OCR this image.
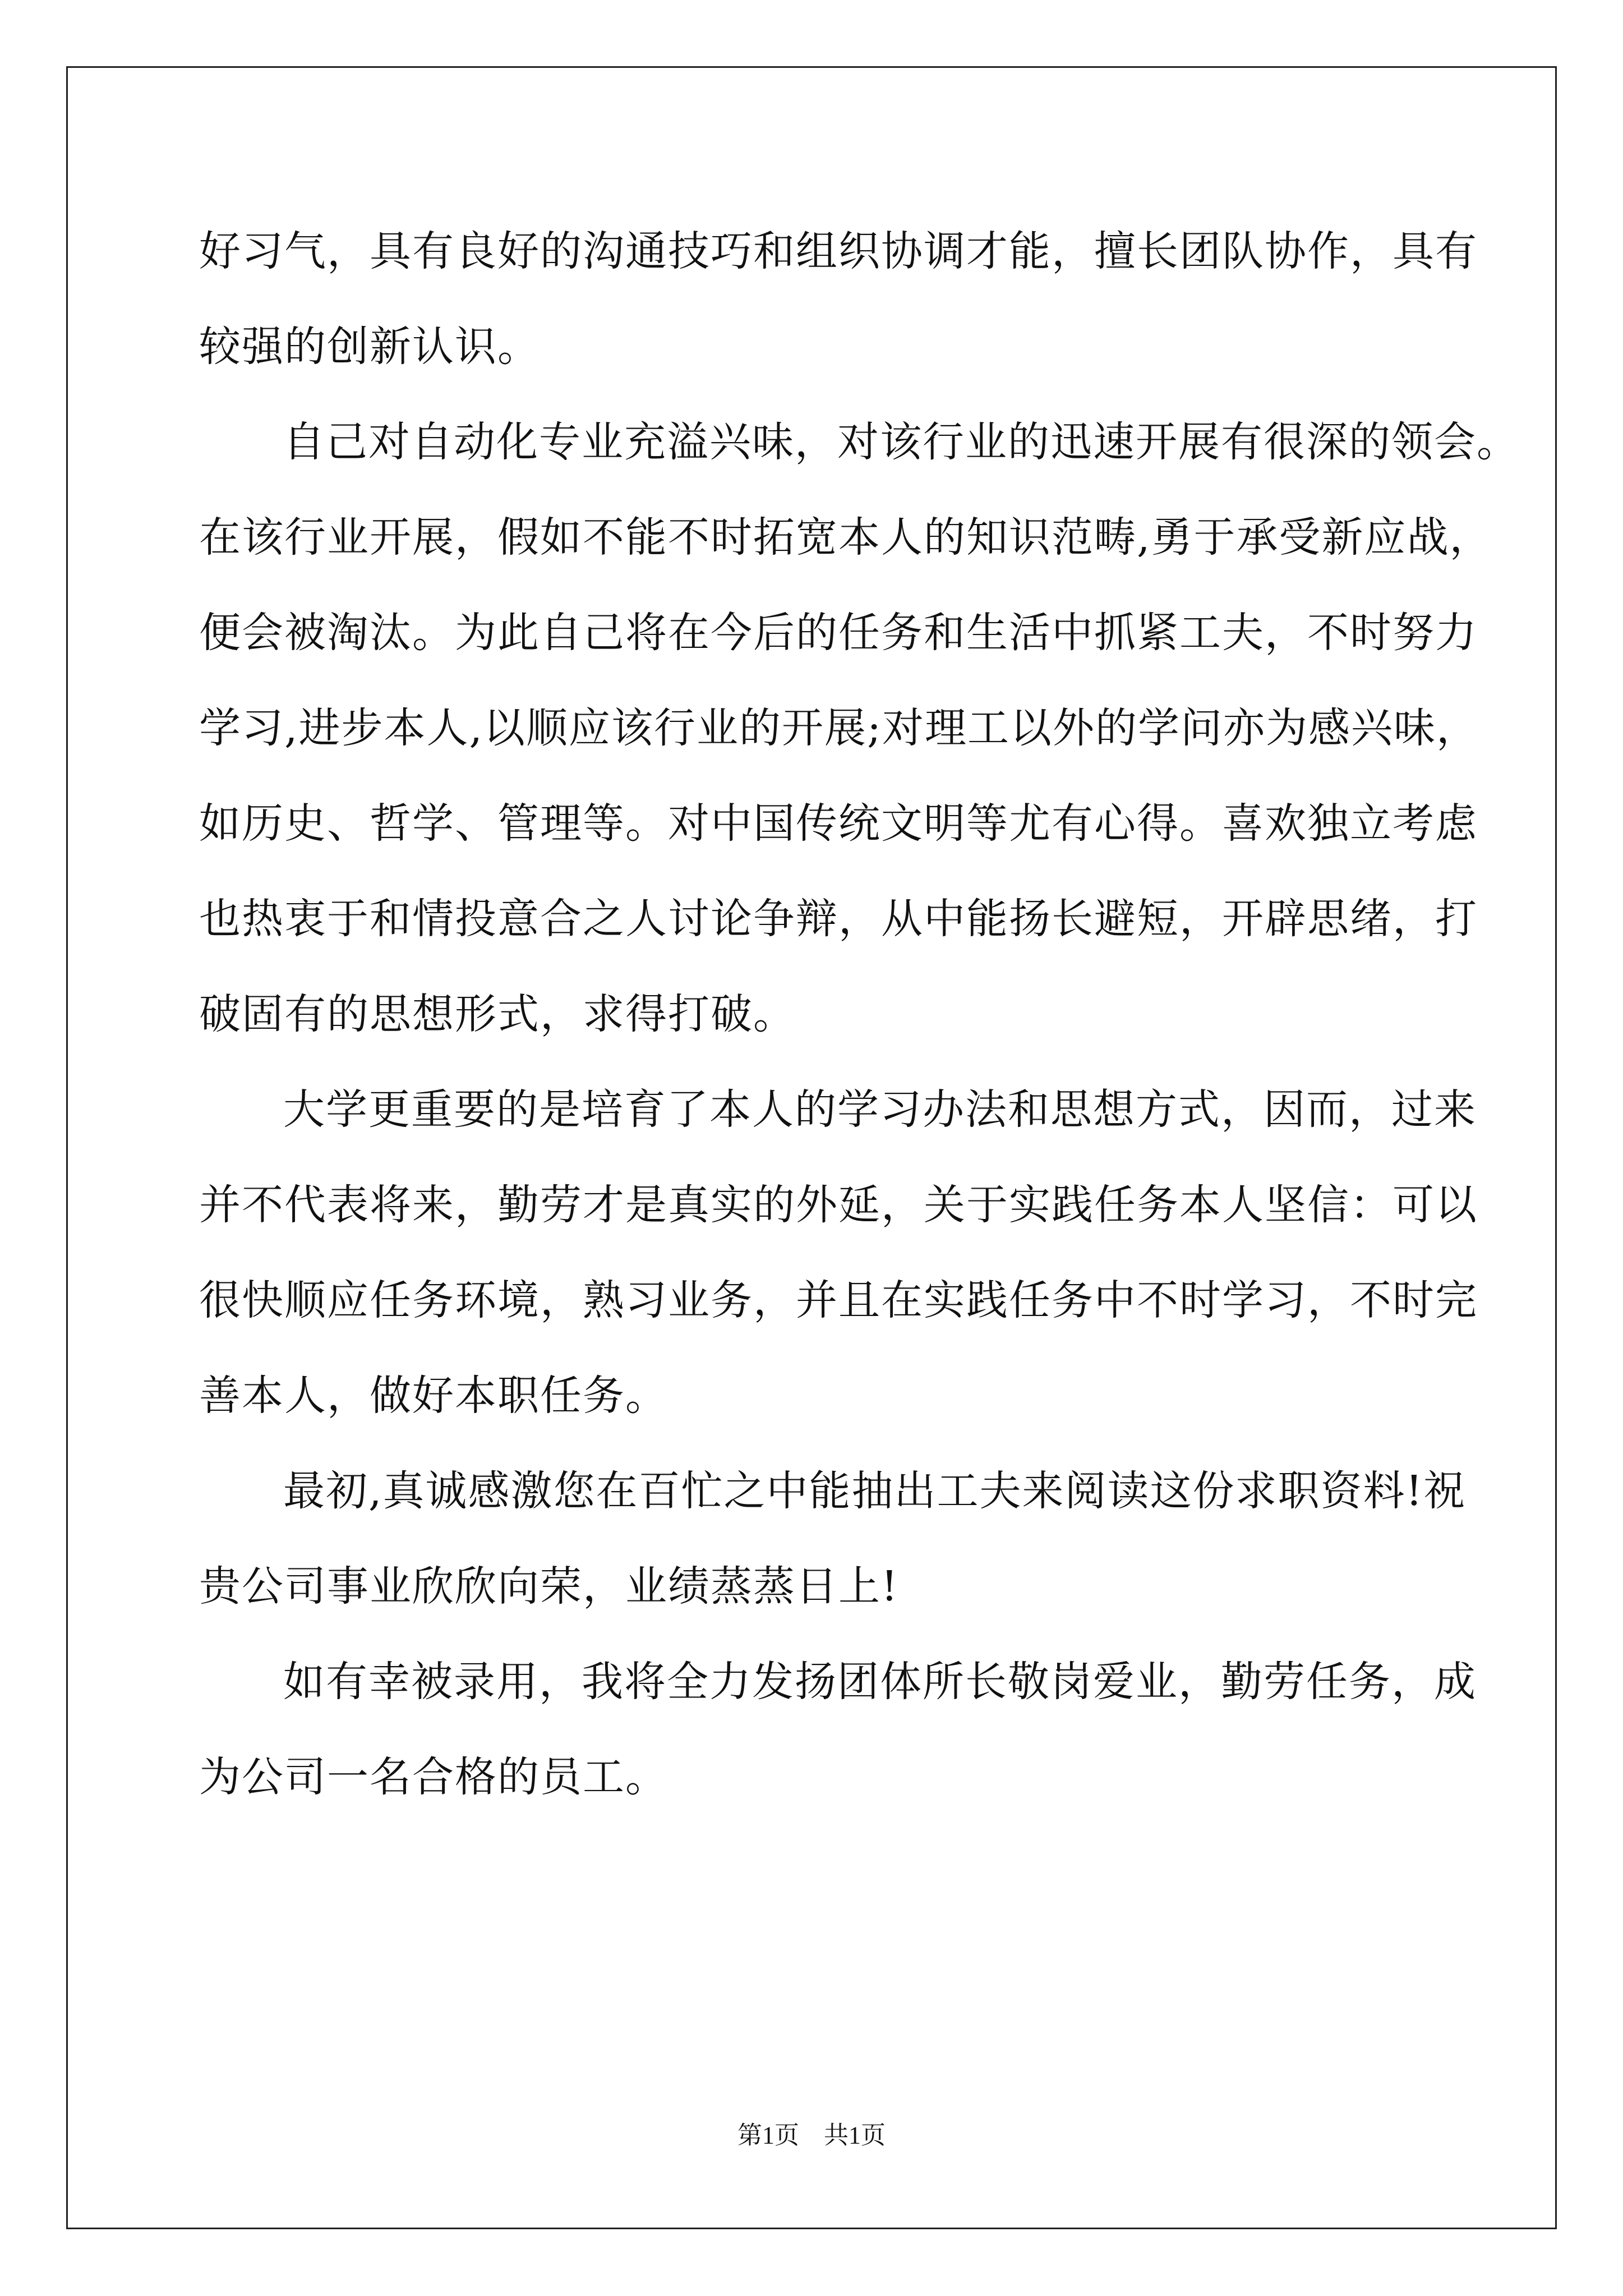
好习气，具有良好的沟通技巧和组织协调才能，擅长团队协作，具有
较强的创新认识。
自己对自动化专业充溢兴味，对该行业的迅速开展有很深的领会。
在该行业开展，假如不能不时拓宽本人的知识范畴,勇于承受新应战，
便会被淘汰。为此自己将在今后的任务和生活中抓紧工夫，不时努力
学习,进步本人,以顺应该行业的开展;对理工以外的学问亦为感兴味，
如历史、哲学、管理等。对中国传统文明等尤有心得。喜欢独立考虑
也热衷于和情投意合之人讨论争辩，从中能扬长避短，开辟思绪，打
破固有的思想形式，求得打破。
大学更重要的是培育了本人的学习办法和思想方式，因而，过来
并不代表将来，勤劳才是真实的外延，关于实践任务本人坚信：可以
很快顺应任务环境，熟习业务，并且在实践任务中不时学习，不时完
善本人，做好本职任务。
最初,真诚感激您在百忙之中能抽出工夫来阅读这份求职资料!祝
贵公司事业欣欣向荣，业绩蒸蒸日上!
如有幸被录用，我将全力发扬团体所长敬岗爱业，勤劳任务，成
为公司一名合格的员工。
第1页　共1页
